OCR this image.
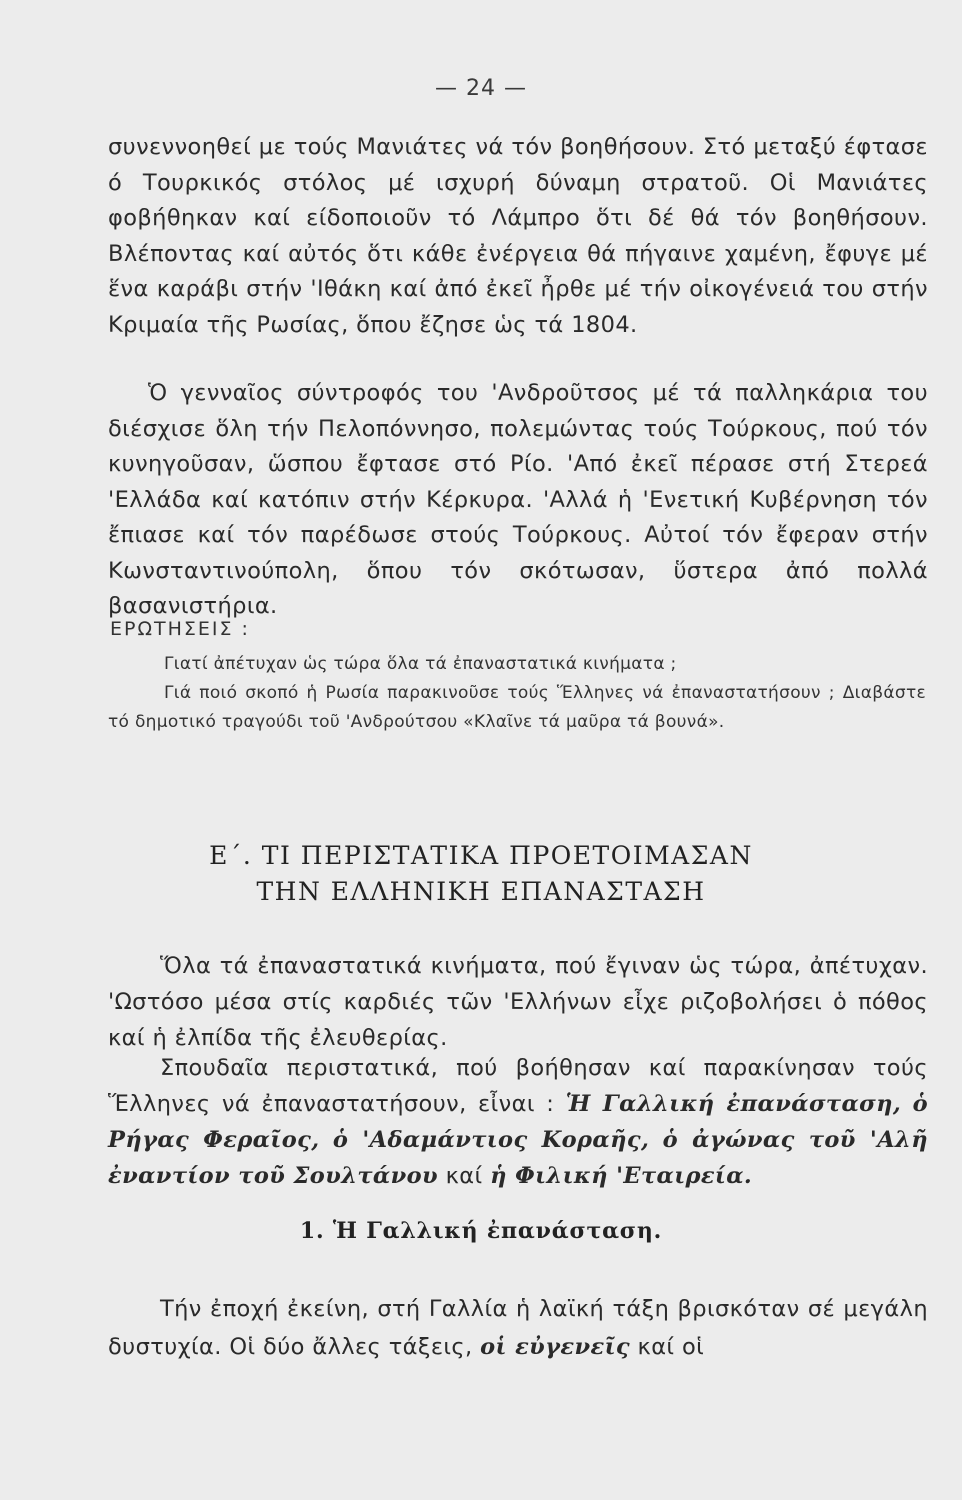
— 24 —

συνεννοηθεί με τούς Μανιάτες νά τόν βοηθήσουν. Στό μεταξύ έφτασε ό Τουρκικός στόλος μέ ισχυρή δύναμη στρατοῦ. Οἱ Μανιάτες φοβήθηκαν καί είδοποιοῦν τό Λάμπρο ὅτι δέ θά τόν βοηθήσουν. Βλέποντας καί αὐτός ὅτι κάθε ἐνέργεια θά πήγαινε χαμένη, ἔφυγε μέ ἕνα καράβι στήν 'Ιθάκη καί ἀπό ἐκεῖ ἦρθε μέ τήν οἰκογένειά του στήν Κριμαία τῆς Ρωσίας, ὅπου ἔζησε ὡς τά 1804.

Ὁ γενναῖος σύντροφός του 'Ανδροῦτσος μέ τά παλληκάρια του διέσχισε ὅλη τήν Πελοπόννησο, πολεμώντας τούς Τούρκους, πού τόν κυνηγοῦσαν, ὥσπου ἔφτασε στό Ρίο. 'Από ἐκεῖ πέρασε στή Στερεά 'Ελλάδα καί κατόπιν στήν Κέρκυρα. 'Αλλά ἡ 'Ενετική Κυβέρνηση τόν ἔπιασε καί τόν παρέδωσε στούς Τούρκους. Αὐτοί τόν ἔφεραν στήν Κωνσταντινούπολη, ὅπου τόν σκότωσαν, ὕστερα ἀπό πολλά βασανιστήρια.

ΕΡΩΤΗΣΕΙΣ :

Γιατί ἀπέτυχαν ὡς τώρα ὅλα τά ἐπαναστατικά κινήματα ;

Γιά ποιό σκοπό ἡ Ρωσία παρακινοῦσε τούς Ἕλληνες νά ἐπαναστατήσουν ; Διαβάστε τό δημοτικό τραγούδι τοῦ 'Ανδρούτσου «Κλαῖνε τά μαῦρα τά βουνά».

Ε΄. ΤΙ ΠΕΡΙΣΤΑΤΙΚΑ ΠΡΟΕΤΟΙΜΑΣΑΝ
ΤΗΝ ΕΛΛΗΝΙΚΗ ΕΠΑΝΑΣΤΑΣΗ

Ὅλα τά ἐπαναστατικά κινήματα, πού ἔγιναν ὡς τώρα, ἀπέτυχαν. 'Ωστόσο μέσα στίς καρδιές τῶν 'Ελλήνων εἶχε ριζοβολήσει ὁ πόθος καί ἡ ἐλπίδα τῆς ἐλευθερίας.

Σπουδαῖα περιστατικά, πού βοήθησαν καί παρακίνησαν τούς Ἕλληνες νά ἐπαναστατήσουν, εἶναι : Ἡ Γαλλική ἐπανάσταση, ὁ Ρήγας Φεραῖος, ὁ 'Αδαμάντιος Κοραῆς, ὁ ἀγώνας τοῦ 'Αλῆ ἐναντίον τοῦ Σουλτάνου καί ἡ Φιλική 'Εταιρεία.

1. Ἡ Γαλλική ἐπανάσταση.

Τήν ἐποχή ἐκείνη, στή Γαλλία ἡ λαϊκή τάξη βρισκόταν σέ μεγάλη δυστυχία. Οἱ δύο ἄλλες τάξεις, οἱ εὐγενεῖς καί οἱ
